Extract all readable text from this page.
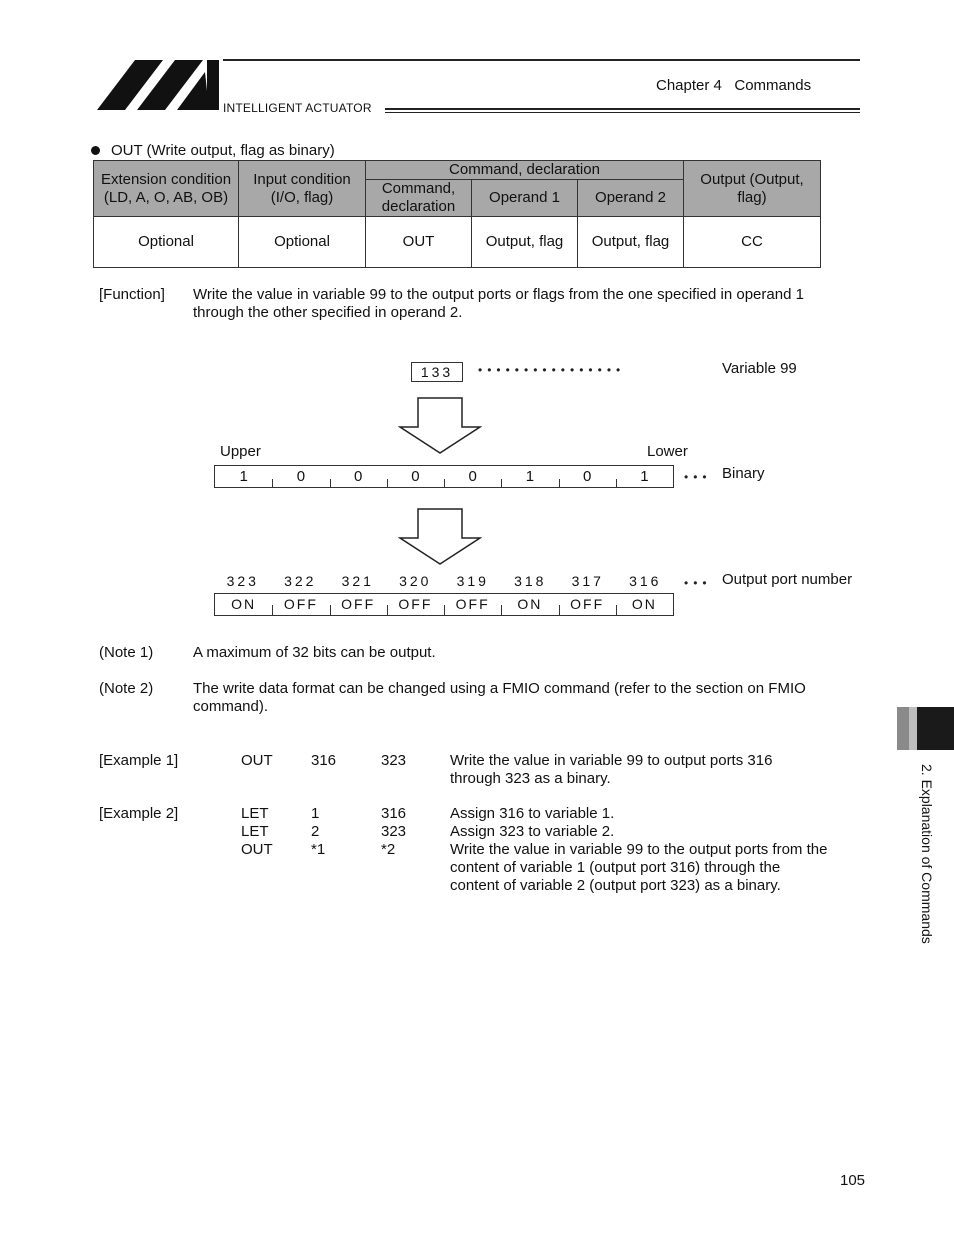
INTELLIGENT ACTUATOR
Chapter 4   Commands
OUT (Write output, flag as binary)
Extension condition (LD, A, O, AB, OB)	Input condition (I/O, flag)	Command, declaration			Output (Output, flag)
		Command, declaration	Operand 1	Operand 2	
Optional	Optional	OUT	Output, flag	Output, flag	CC
[Function] Write the value in variable 99 to the output ports or flags from the one specified in operand 1 through the other specified in operand 2.
133	••••••••••••••••	Variable 99
Upper	Lower
1	0	0	0	0	1	0	1	••• Binary
323	322	321	320	319	318	317	316	••• Output port number
ON	OFF	OFF	OFF	OFF	ON	OFF	ON
(Note 1)	A maximum of 32 bits can be output.
(Note 2)	The write data format can be changed using a FMIO command (refer to the section on FMIO command).
[Example 1]	OUT	316	323	Write the value in variable 99 to output ports 316 through 323 as a binary.
[Example 2]	LET	1	316	Assign 316 to variable 1.
LET	2	323	Assign 323 to variable 2.
OUT	*1	*2	Write the value in variable 99 to the output ports from the content of variable 1 (output port 316) through the content of variable 2 (output port 323) as a binary.	2. Explanation of Commands
105
